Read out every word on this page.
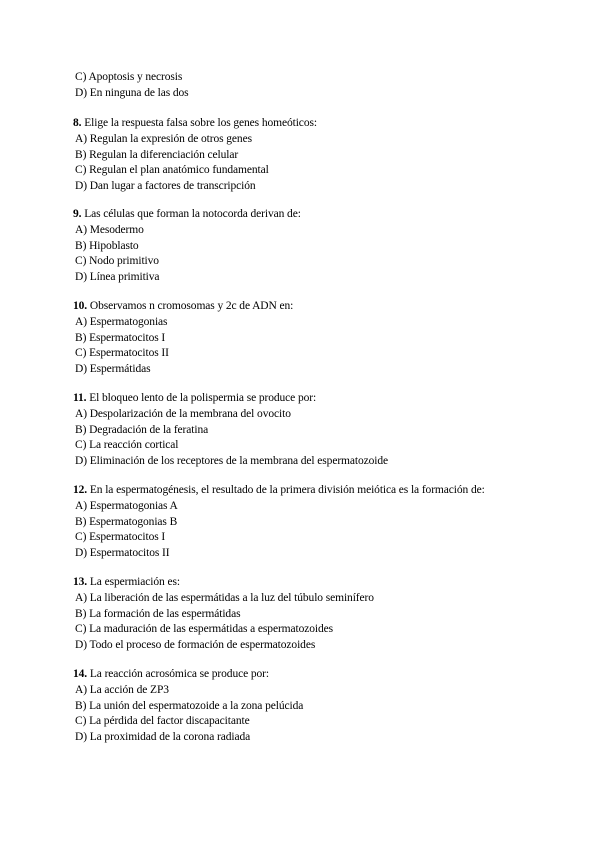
C) Apoptosis y necrosis
D) En ninguna de las dos
8. Elige la respuesta falsa sobre los genes homeóticos:
A) Regulan la expresión de otros genes
B) Regulan la diferenciación celular
C) Regulan el plan anatómico fundamental
D) Dan lugar a factores de transcripción
9. Las células que forman la notocorda derivan de:
A) Mesodermo
B) Hipoblasto
C) Nodo primitivo
D) Línea primitiva
10. Observamos n cromosomas y 2c de ADN en:
A) Espermatogonias
B) Espermatocitos I
C) Espermatocitos II
D) Espermátidas
11. El bloqueo lento de la polispermia se produce por:
A) Despolarización de la membrana del ovocito
B) Degradación de la feratina
C) La reacción cortical
D) Eliminación de los receptores de la membrana del espermatozoide
12. En la espermatogénesis, el resultado de la primera división meiótica es la formación de:
A) Espermatogonias A
B) Espermatogonias B
C) Espermatocitos I
D) Espermatocitos II
13. La espermiación es:
A) La liberación de las espermátidas a la luz del túbulo seminífero
B) La formación de las espermátidas
C) La maduración de las espermátidas a espermatozoides
D) Todo el proceso de formación de espermatozoides
14. La reacción acrosómica se produce por:
A) La acción de ZP3
B) La unión del espermatozoide a la zona pelúcida
C) La pérdida del factor discapacitante
D) La proximidad de la corona radiada
